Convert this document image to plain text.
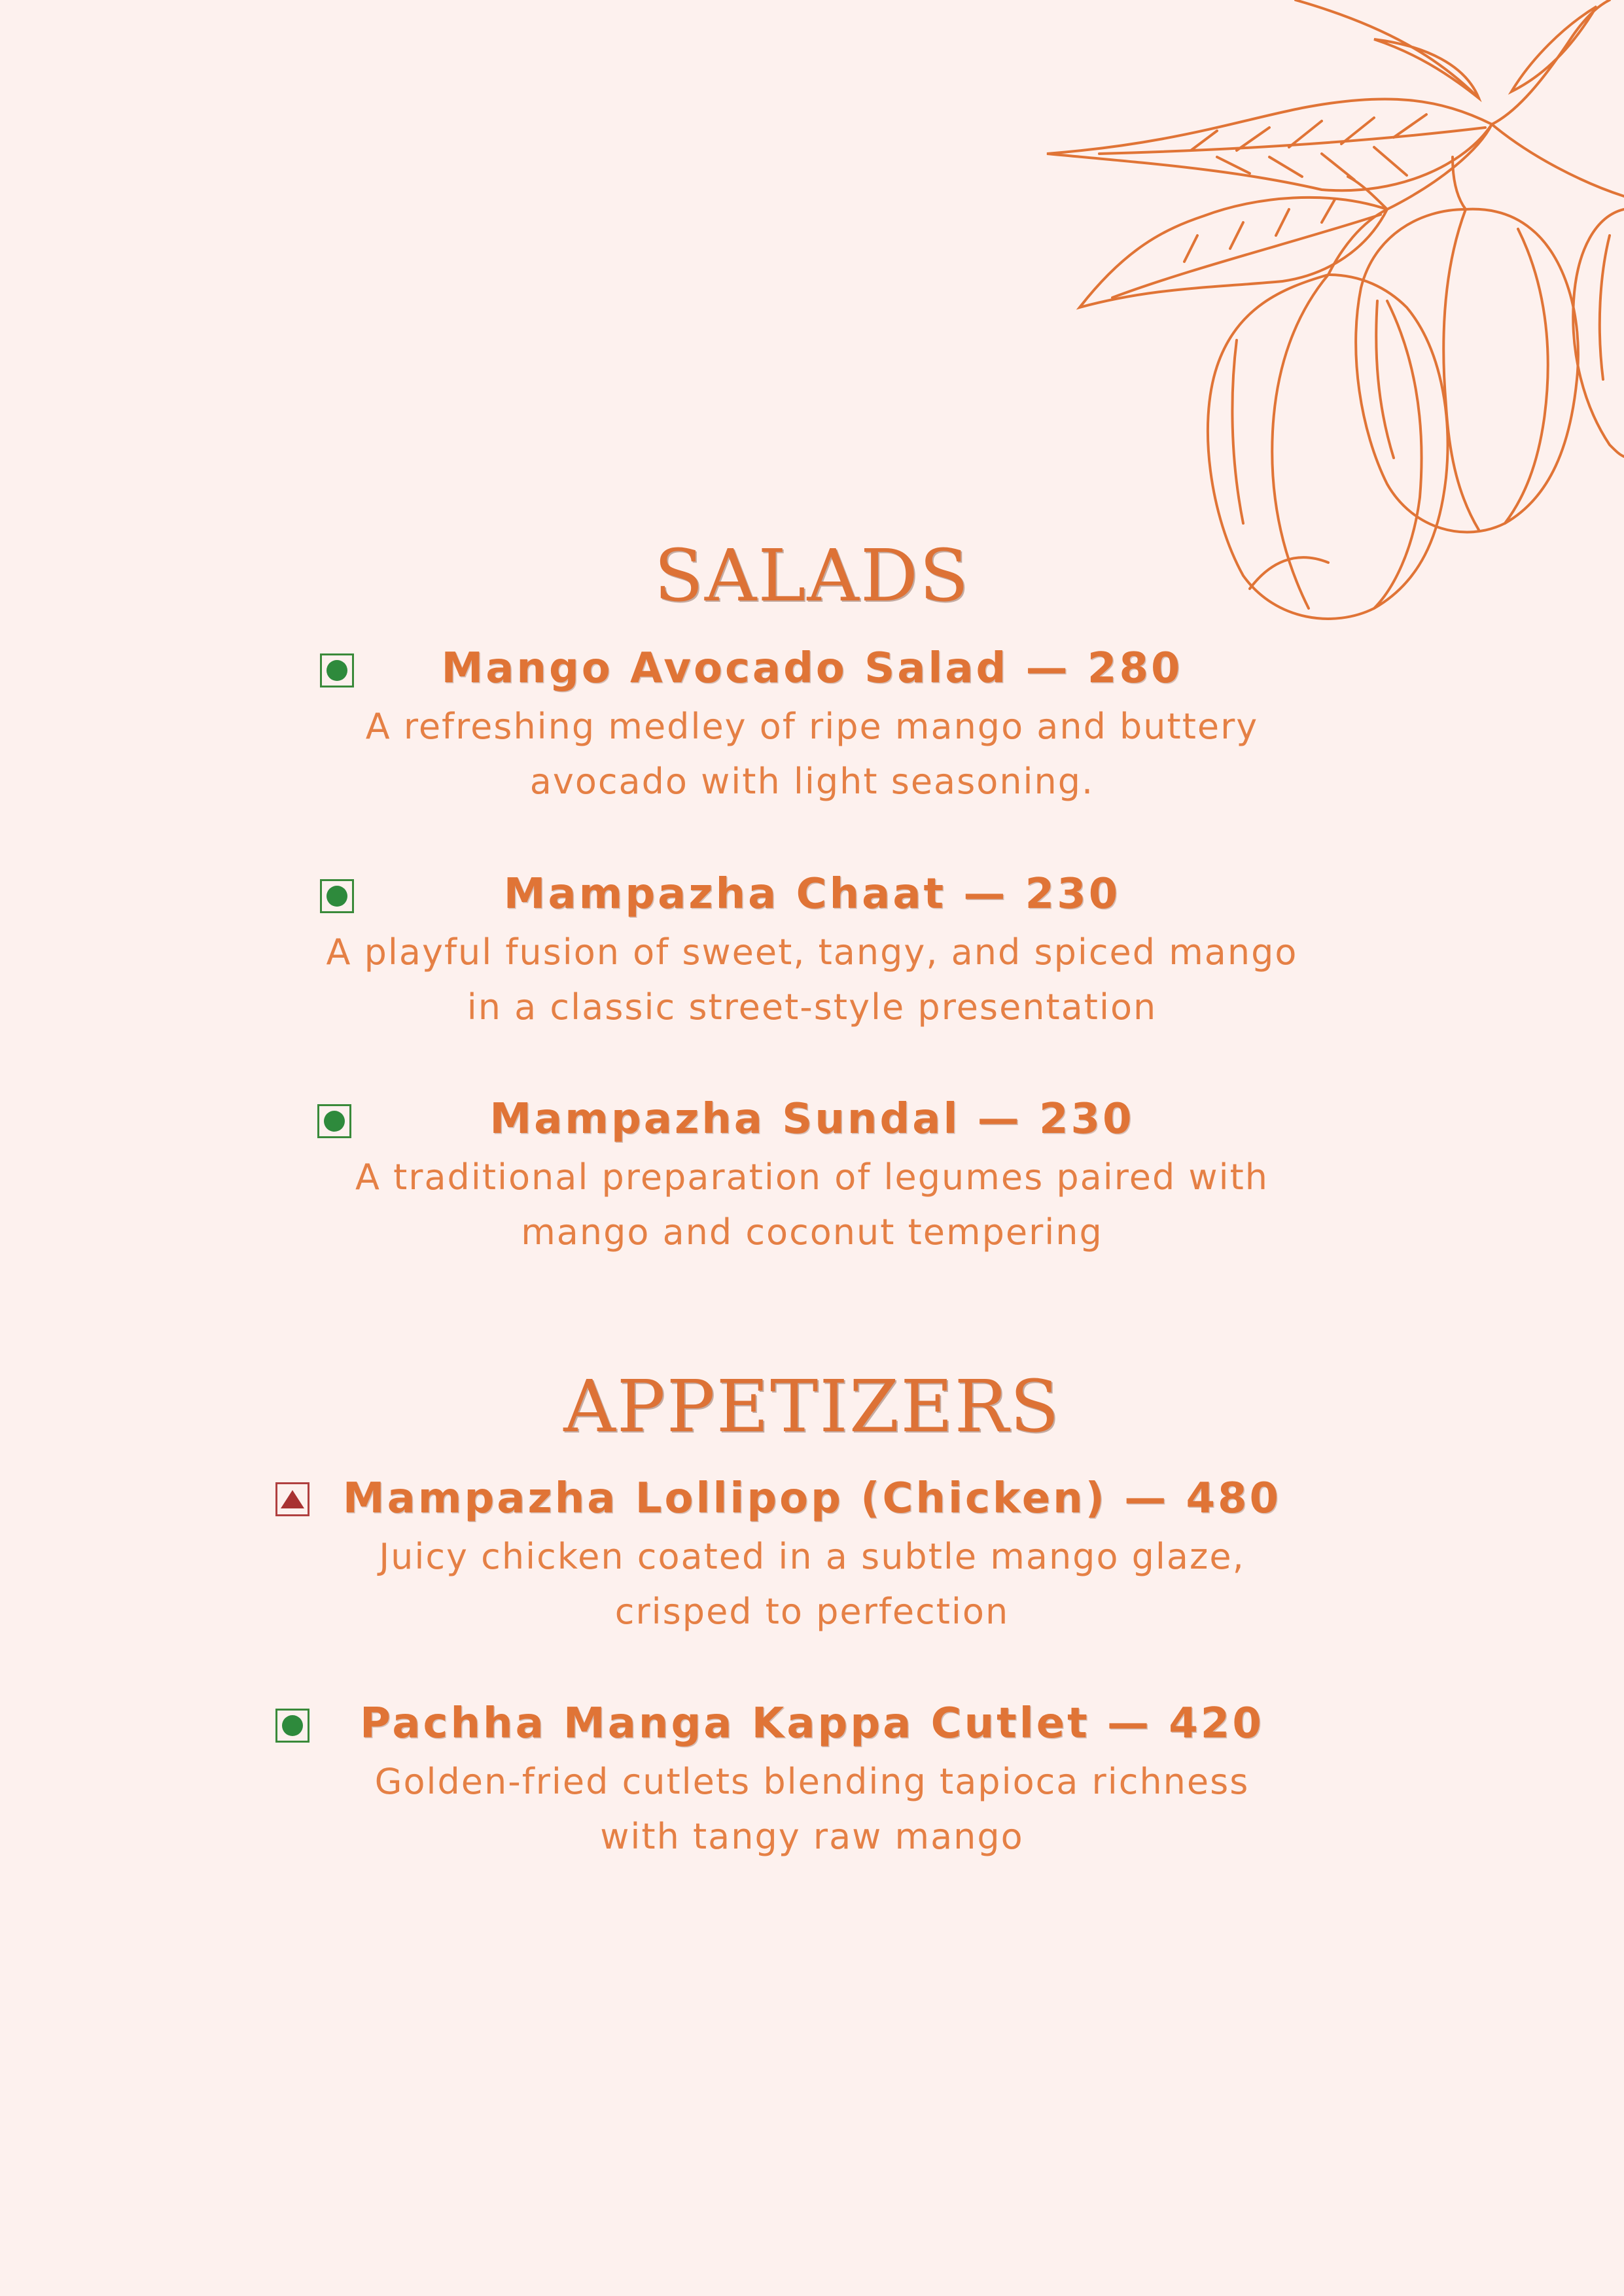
SALADS
Mango Avocado Salad — 280
A refreshing medley of ripe mango and buttery
avocado with light seasoning.
Mampazha Chaat — 230
A playful fusion of sweet, tangy, and spiced mango
in a classic street-style presentation
Mampazha Sundal — 230
A traditional preparation of legumes paired with
mango and coconut tempering
APPETIZERS
Mampazha Lollipop (Chicken) — 480
Juicy chicken coated in a subtle mango glaze,
crisped to perfection
Pachha Manga Kappa Cutlet — 420
Golden-fried cutlets blending tapioca richness
with tangy raw mango
